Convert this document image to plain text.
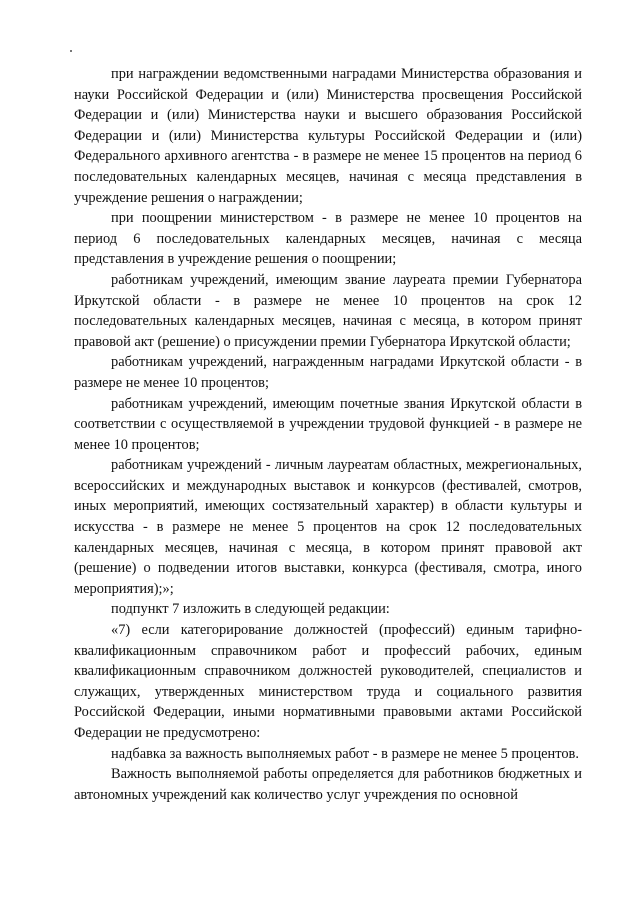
при награждении ведомственными наградами Министерства образования и науки Российской Федерации и (или) Министерства просвещения Российской Федерации и (или) Министерства науки и высшего образования Российской Федерации и (или) Министерства культуры Российской Федерации и (или) Федерального архивного агентства - в размере не менее 15 процентов на период 6 последовательных календарных месяцев, начиная с месяца представления в учреждение решения о награждении;

при поощрении министерством - в размере не менее 10 процентов на период 6 последовательных календарных месяцев, начиная с месяца представления в учреждение решения о поощрении;

работникам учреждений, имеющим звание лауреата премии Губернатора Иркутской области - в размере не менее 10 процентов на срок 12 последовательных календарных месяцев, начиная с месяца, в котором принят правовой акт (решение) о присуждении премии Губернатора Иркутской области;

работникам учреждений, награжденным наградами Иркутской области - в размере не менее 10 процентов;

работникам учреждений, имеющим почетные звания Иркутской области в соответствии с осуществляемой в учреждении трудовой функцией - в размере не менее 10 процентов;

работникам учреждений - личным лауреатам областных, межрегиональных, всероссийских и международных выставок и конкурсов (фестивалей, смотров, иных мероприятий, имеющих состязательный характер) в области культуры и искусства - в размере не менее 5 процентов на срок 12 последовательных календарных месяцев, начиная с месяца, в котором принят правовой акт (решение) о подведении итогов выставки, конкурса (фестиваля, смотра, иного мероприятия);»;

подпункт 7 изложить в следующей редакции:

«7) если категорирование должностей (профессий) единым тарифно-квалификационным справочником работ и профессий рабочих, единым квалификационным справочником должностей руководителей, специалистов и служащих, утвержденных министерством труда и социального развития Российской Федерации, иными нормативными правовыми актами Российской Федерации не предусмотрено:

надбавка за важность выполняемых работ - в размере не менее 5 процентов.

Важность выполняемой работы определяется для работников бюджетных и автономных учреждений как количество услуг учреждения по основной
